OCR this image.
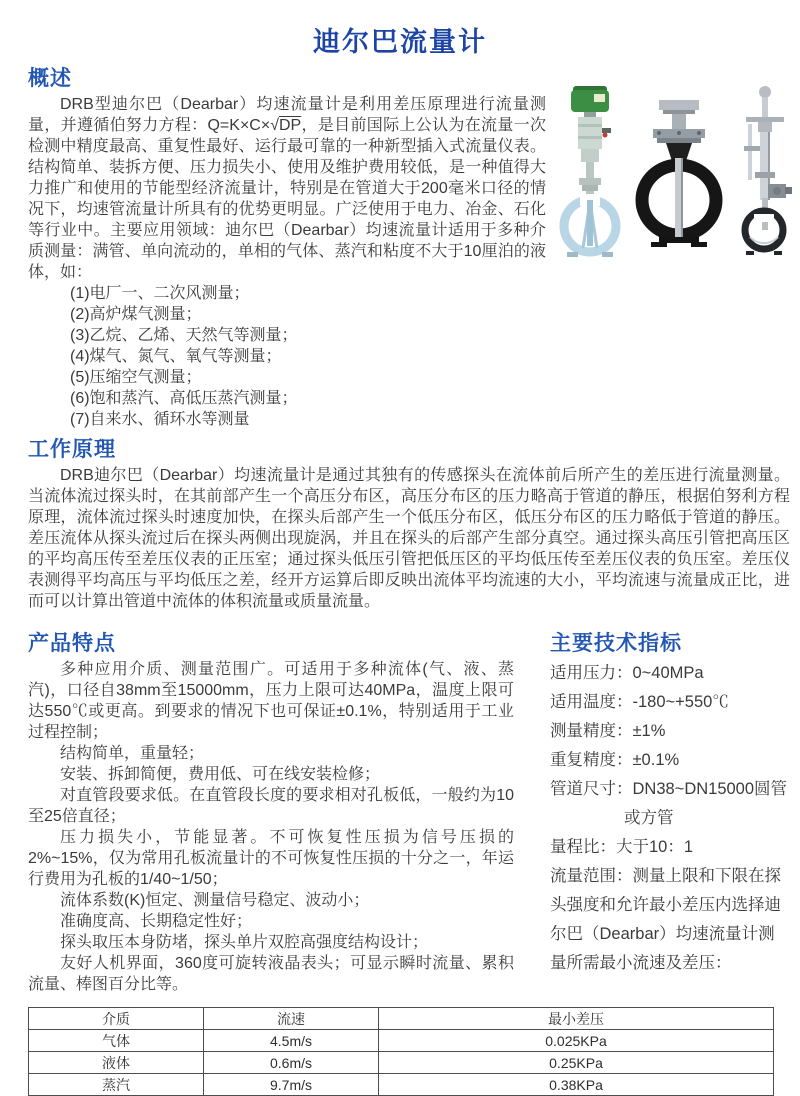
迪尔巴流量计
概述

DRB型迪尔巴（Dearbar）均速流量计是利用差压原理进行流量测量，并遵循伯努力方程：Q=K×C×√DP，是目前国际上公认为在流量一次检测中精度最高、重复性最好、运行最可靠的一种新型插入式流量仪表。结构简单、装拆方便、压力损失小、使用及维护费用较低，是一种值得大力推广和使用的节能型经济流量计，特别是在管道大于200毫米口径的情况下，均速管流量计所具有的优势更明显。广泛使用于电力、冶金、石化等行业中。主要应用领域：迪尔巴（Dearbar）均速流量计适用于多种介质测量：满管、单向流动的，单相的气体、蒸汽和粘度不大于10厘泊的液体，如：

(1)电厂一、二次风测量；
(2)高炉煤气测量；
(3)乙烷、乙烯、天然气等测量；
(4)煤气、氮气、氧气等测量；
(5)压缩空气测量；
(6)饱和蒸汽、高低压蒸汽测量；
(7)自来水、循环水等测量
工作原理

DRB迪尔巴（Dearbar）均速流量计是通过其独有的传感探头在流体前后所产生的差压进行流量测量。当流体流过探头时，在其前部产生一个高压分布区，高压分布区的压力略高于管道的静压，根据伯努利方程原理，流体流过探头时速度加快，在探头后部产生一个低压分布区，低压分布区的压力略低于管道的静压。差压流体从探头流过后在探头两侧出现旋涡，并且在探头的后部产生部分真空。通过探头高压引管把高压区的平均高压传至差压仪表的正压室；通过探头低压引管把低压区的平均低压传至差压仪表的负压室。差压仪表测得平均高压与平均低压之差，经开方运算后即反映出流体平均流速的大小，平均流速与流量成正比，进而可以计算出管道中流体的体积流量或质量流量。

产品特点

多种应用介质、测量范围广。可适用于多种流体(气、液、蒸汽)，口径自38mm至15000mm，压力上限可达40MPa，温度上限可达550℃或更高。到要求的情况下也可保证±0.1%，特别适用于工业过程控制；

结构简单，重量轻；

安装、拆卸简便，费用低、可在线安装检修；

对直管段要求低。在直管段长度的要求相对孔板低，一般约为10至25倍直径；

压力损失小，节能显著。不可恢复性压损为信号压损的2%~15%，仅为常用孔板流量计的不可恢复性压损的十分之一，年运行费用为孔板的1/40~1/50；

流体系数(K)恒定、测量信号稳定、波动小；

准确度高、长期稳定性好；

探头取压本身防堵，探头单片双腔高强度结构设计；

友好人机界面，360度可旋转液晶表头；可显示瞬时流量、累积流量、棒图百分比等。

主要技术指标
适用压力：0~40MPa
适用温度：-180~+550℃
测量精度：±1%
重复精度：±0.1%
管道尺寸：DN38~DN15000圆管
或方管
量程比：大于10：1
流量范围：测量上限和下限在探头强度和允许最小差压内选择迪尔巴（Dearbar）均速流量计测量所需最小流速及差压：
介质	流速	最小差压
气体	4.5m/s	0.025KPa
液体	0.6m/s	0.25KPa
蒸汽	9.7m/s	0.38KPa
